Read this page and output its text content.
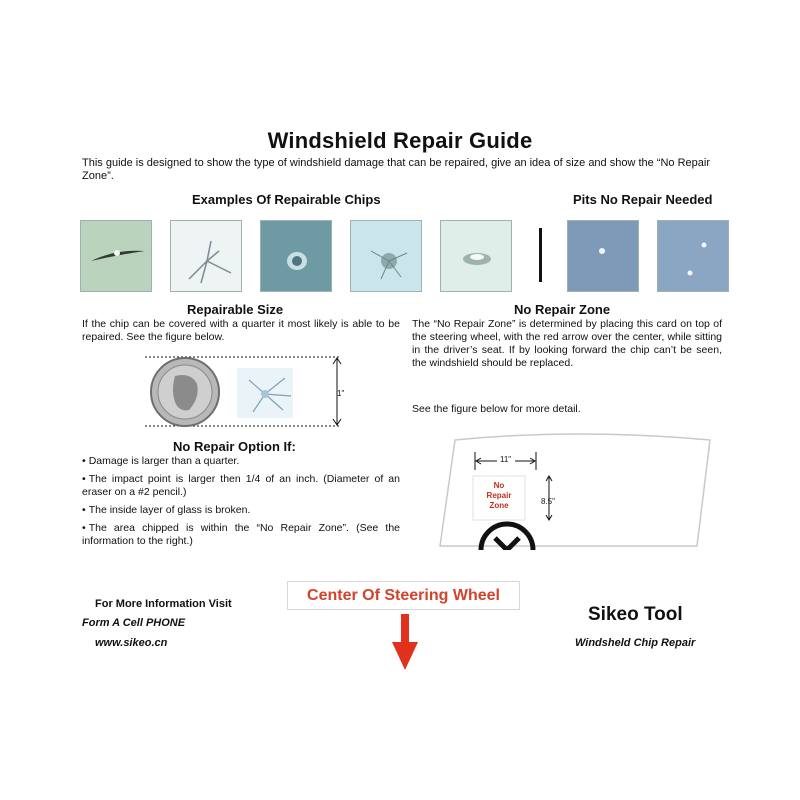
Windshield Repair Guide
This guide is designed to show the type of windshield damage that can be repaired, give an idea of size and show the “No Repair Zone”.
Examples Of Repairable Chips	Pits No Repair Needed
Repairable Size
If the chip can be covered with a quarter it most likely is able to be repaired. See the figure below.
1"
No Repair Option If:
• Damage is larger than a quarter.
• The impact point is larger then 1/4 of an inch. (Diameter of an eraser on a #2 pencil.)
• The inside layer of glass is broken.
• The area chipped is within the “No Repair Zone”. (See the information to the right.)
No Repair Zone
The “No Repair Zone” is determined by placing this card on top of the steering wheel, with the red arrow over the center, while sitting in the driver’s seat. If by looking forward the chip can’t be seen, the windshield should be replaced.
See the figure below for more detail.
No
Repair
Zone
11"
8.5"
For More Information Visit
Form A Cell PHONE
www.sikeo.cn
Center Of Steering Wheel
Sikeo Tool
Windsheld Chip Repair
